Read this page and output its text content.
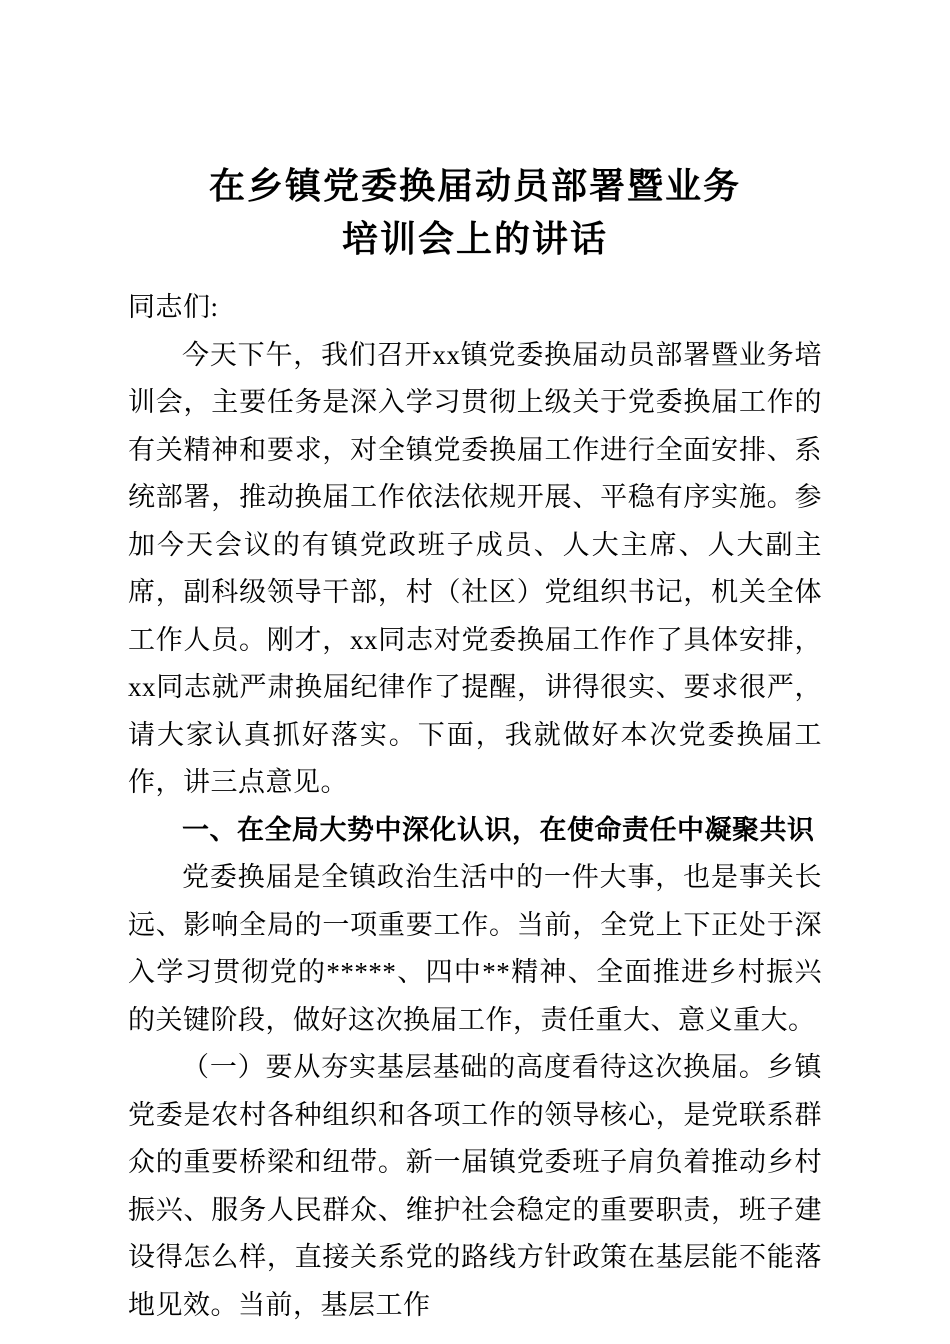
在乡镇党委换届动员部署暨业务
培训会上的讲话

同志们:

今天下午，我们召开xx镇党委换届动员部署暨业务培训会，主要任务是深入学习贯彻上级关于党委换届工作的有关精神和要求，对全镇党委换届工作进行全面安排、系统部署，推动换届工作依法依规开展、平稳有序实施。参加今天会议的有镇党政班子成员、人大主席、人大副主席，副科级领导干部，村（社区）党组织书记，机关全体工作人员。刚才，xx同志对党委换届工作作了具体安排，xx同志就严肃换届纪律作了提醒，讲得很实、要求很严，请大家认真抓好落实。下面，我就做好本次党委换届工作，讲三点意见。

一、在全局大势中深化认识，在使命责任中凝聚共识

党委换届是全镇政治生活中的一件大事，也是事关长远、影响全局的一项重要工作。当前，全党上下正处于深入学习贯彻党的*****、四中**精神、全面推进乡村振兴的关键阶段，做好这次换届工作，责任重大、意义重大。

（一）要从夯实基层基础的高度看待这次换届。乡镇党委是农村各种组织和各项工作的领导核心，是党联系群众的重要桥梁和纽带。新一届镇党委班子肩负着推动乡村振兴、服务人民群众、维护社会稳定的重要职责，班子建设得怎么样，直接关系党的路线方针政策在基层能不能落地见效。当前，基层工作
